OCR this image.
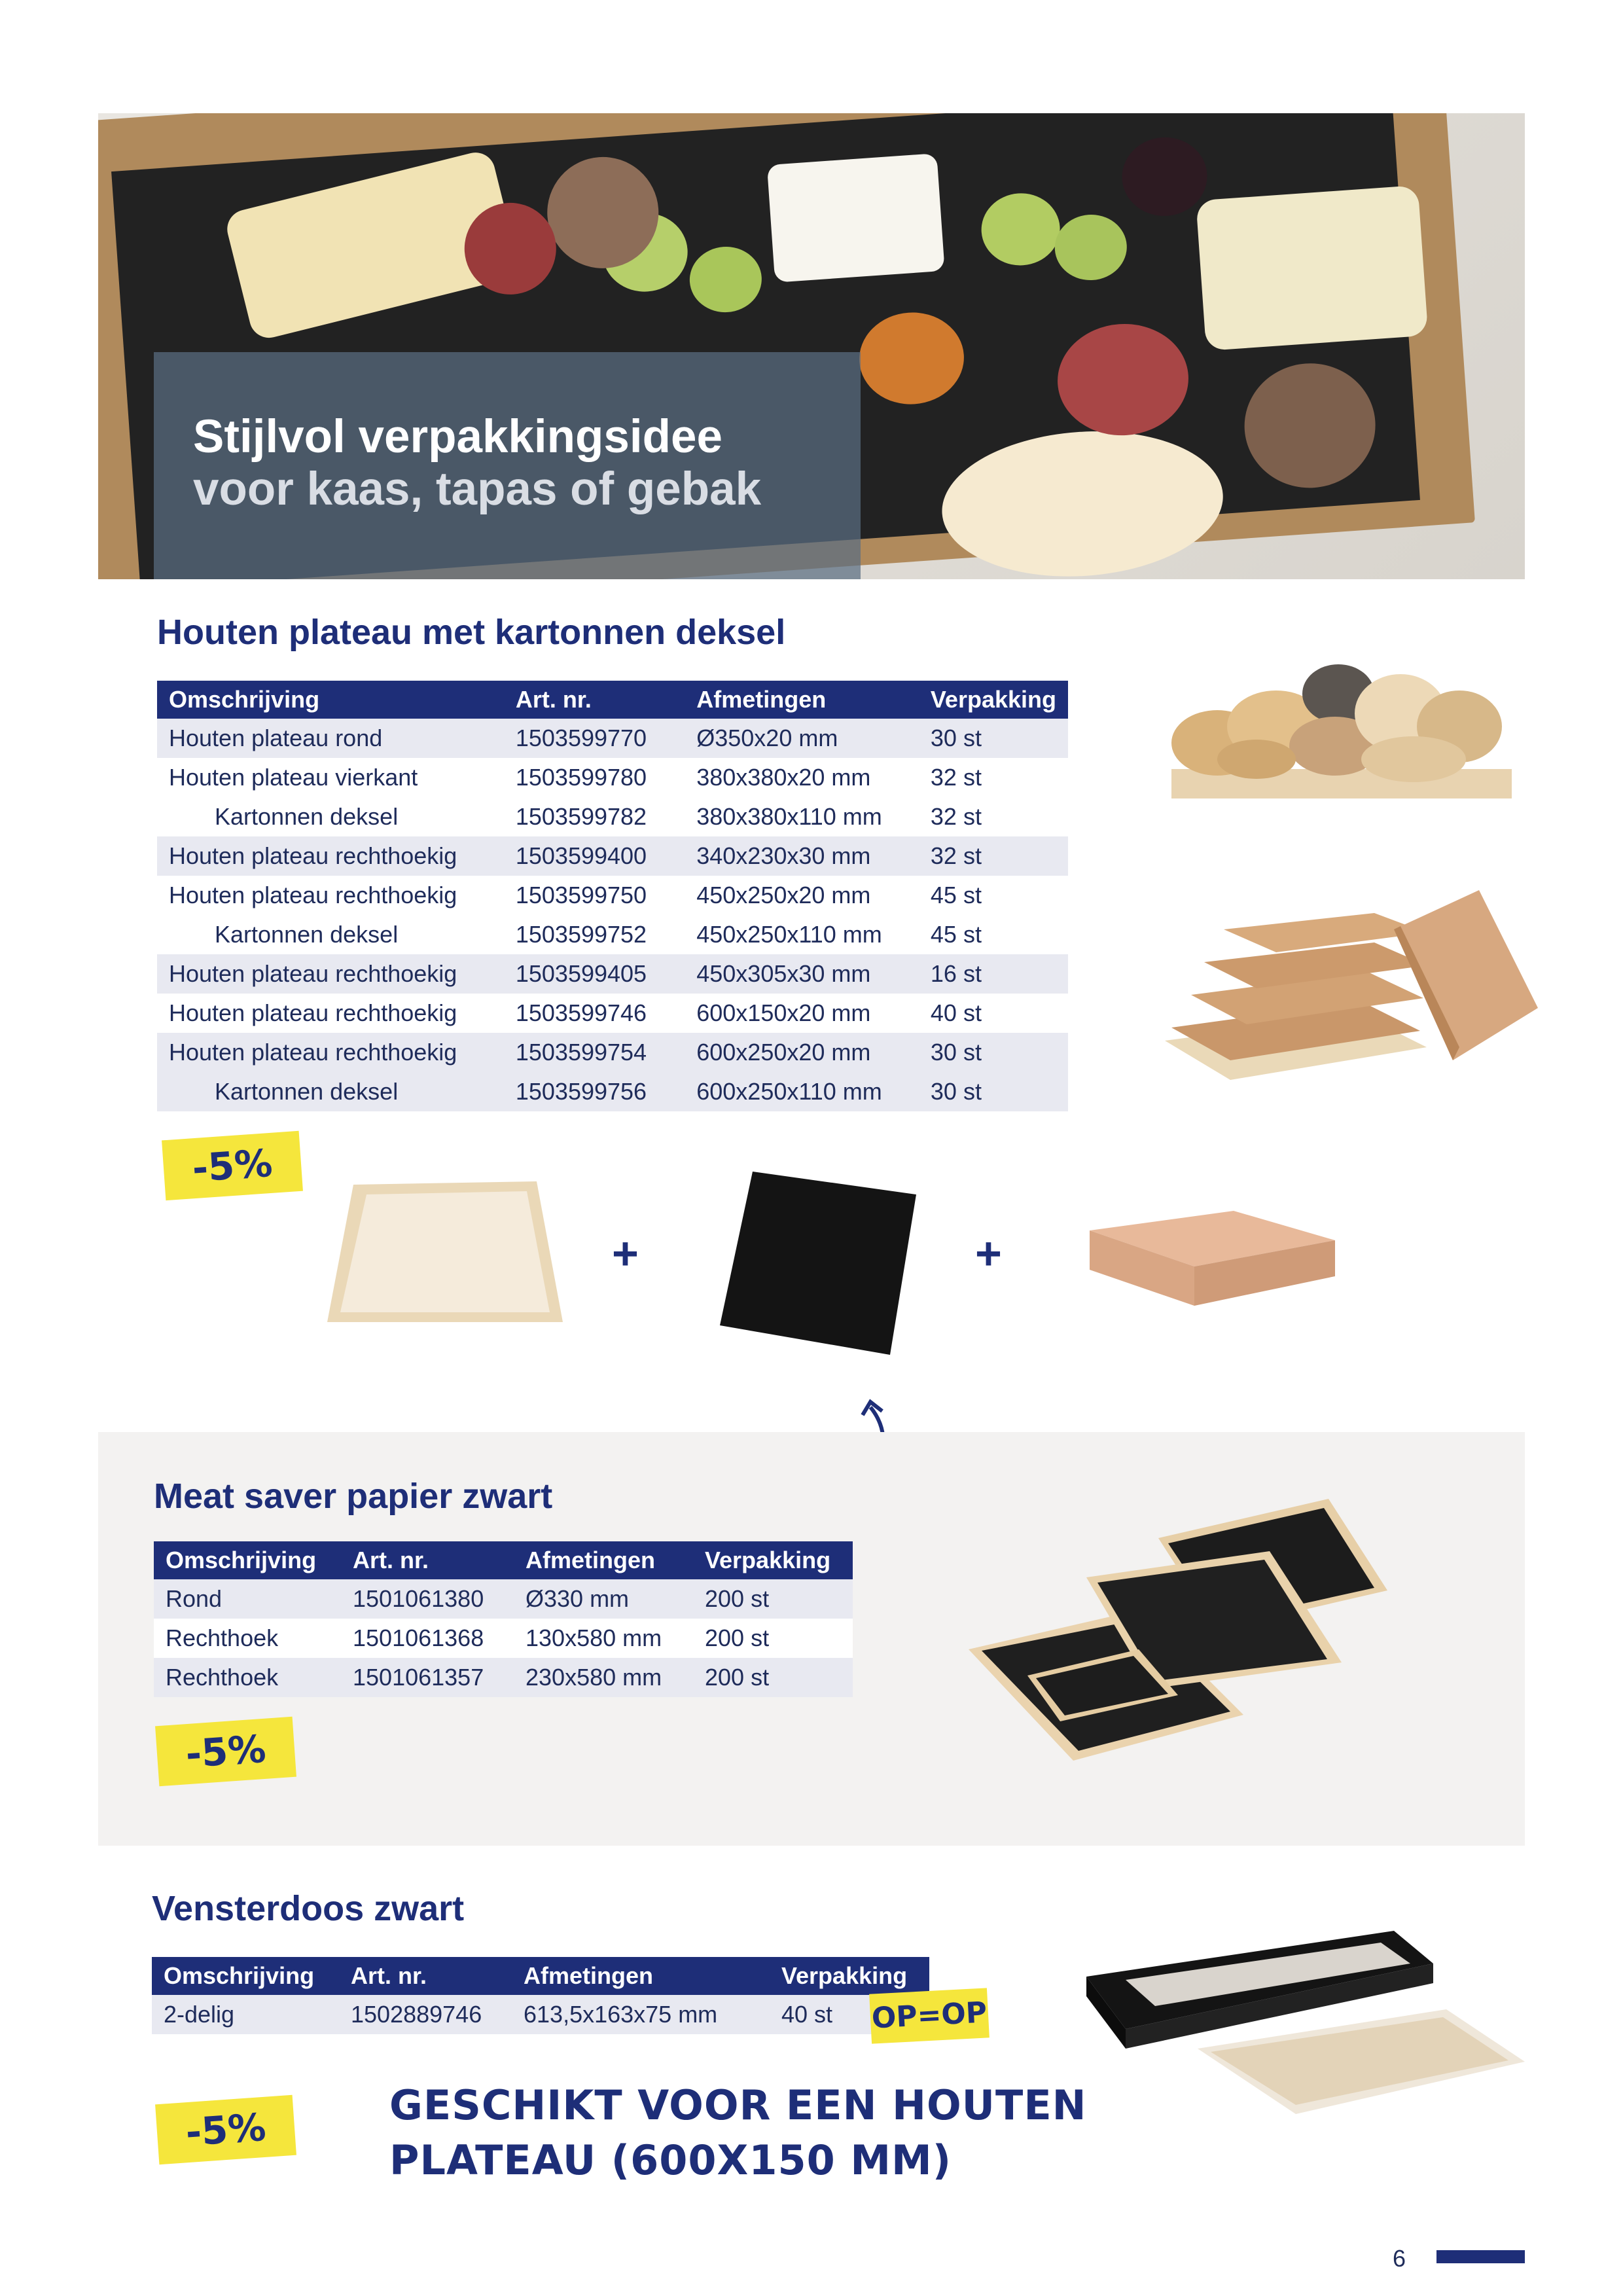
Stijlvol verpakkingsidee
voor kaas, tapas of gebak
Houten plateau met kartonnen deksel
Omschrijving	Art. nr.	Afmetingen	Verpakking
Houten plateau rond	1503599770	Ø350x20 mm	30 st
Houten plateau vierkant	1503599780	380x380x20 mm	32 st
Kartonnen deksel	1503599782	380x380x110 mm	32 st
Houten plateau rechthoekig	1503599400	340x230x30 mm	32 st
Houten plateau rechthoekig	1503599750	450x250x20 mm	45 st
Kartonnen deksel	1503599752	450x250x110 mm	45 st
Houten plateau rechthoekig	1503599405	450x305x30 mm	16 st
Houten plateau rechthoekig	1503599746	600x150x20 mm	40 st
Houten plateau rechthoekig	1503599754	600x250x20 mm	30 st
Kartonnen deksel	1503599756	600x250x110 mm	30 st
-5%
+	+
Meat saver papier zwart
Omschrijving	Art. nr.	Afmetingen	Verpakking
Rond	1501061380	Ø330 mm	200 st
Rechthoek	1501061368	130x580 mm	200 st
Rechthoek	1501061357	230x580 mm	200 st
-5%
Vensterdoos zwart
Omschrijving	Art. nr.	Afmetingen	Verpakking
2-delig	1502889746	613,5x163x75 mm	40 st OP=OP
-5%	GESCHIKT VOOR EEN HOUTEN
PLATEAU (600X150 MM)
6
